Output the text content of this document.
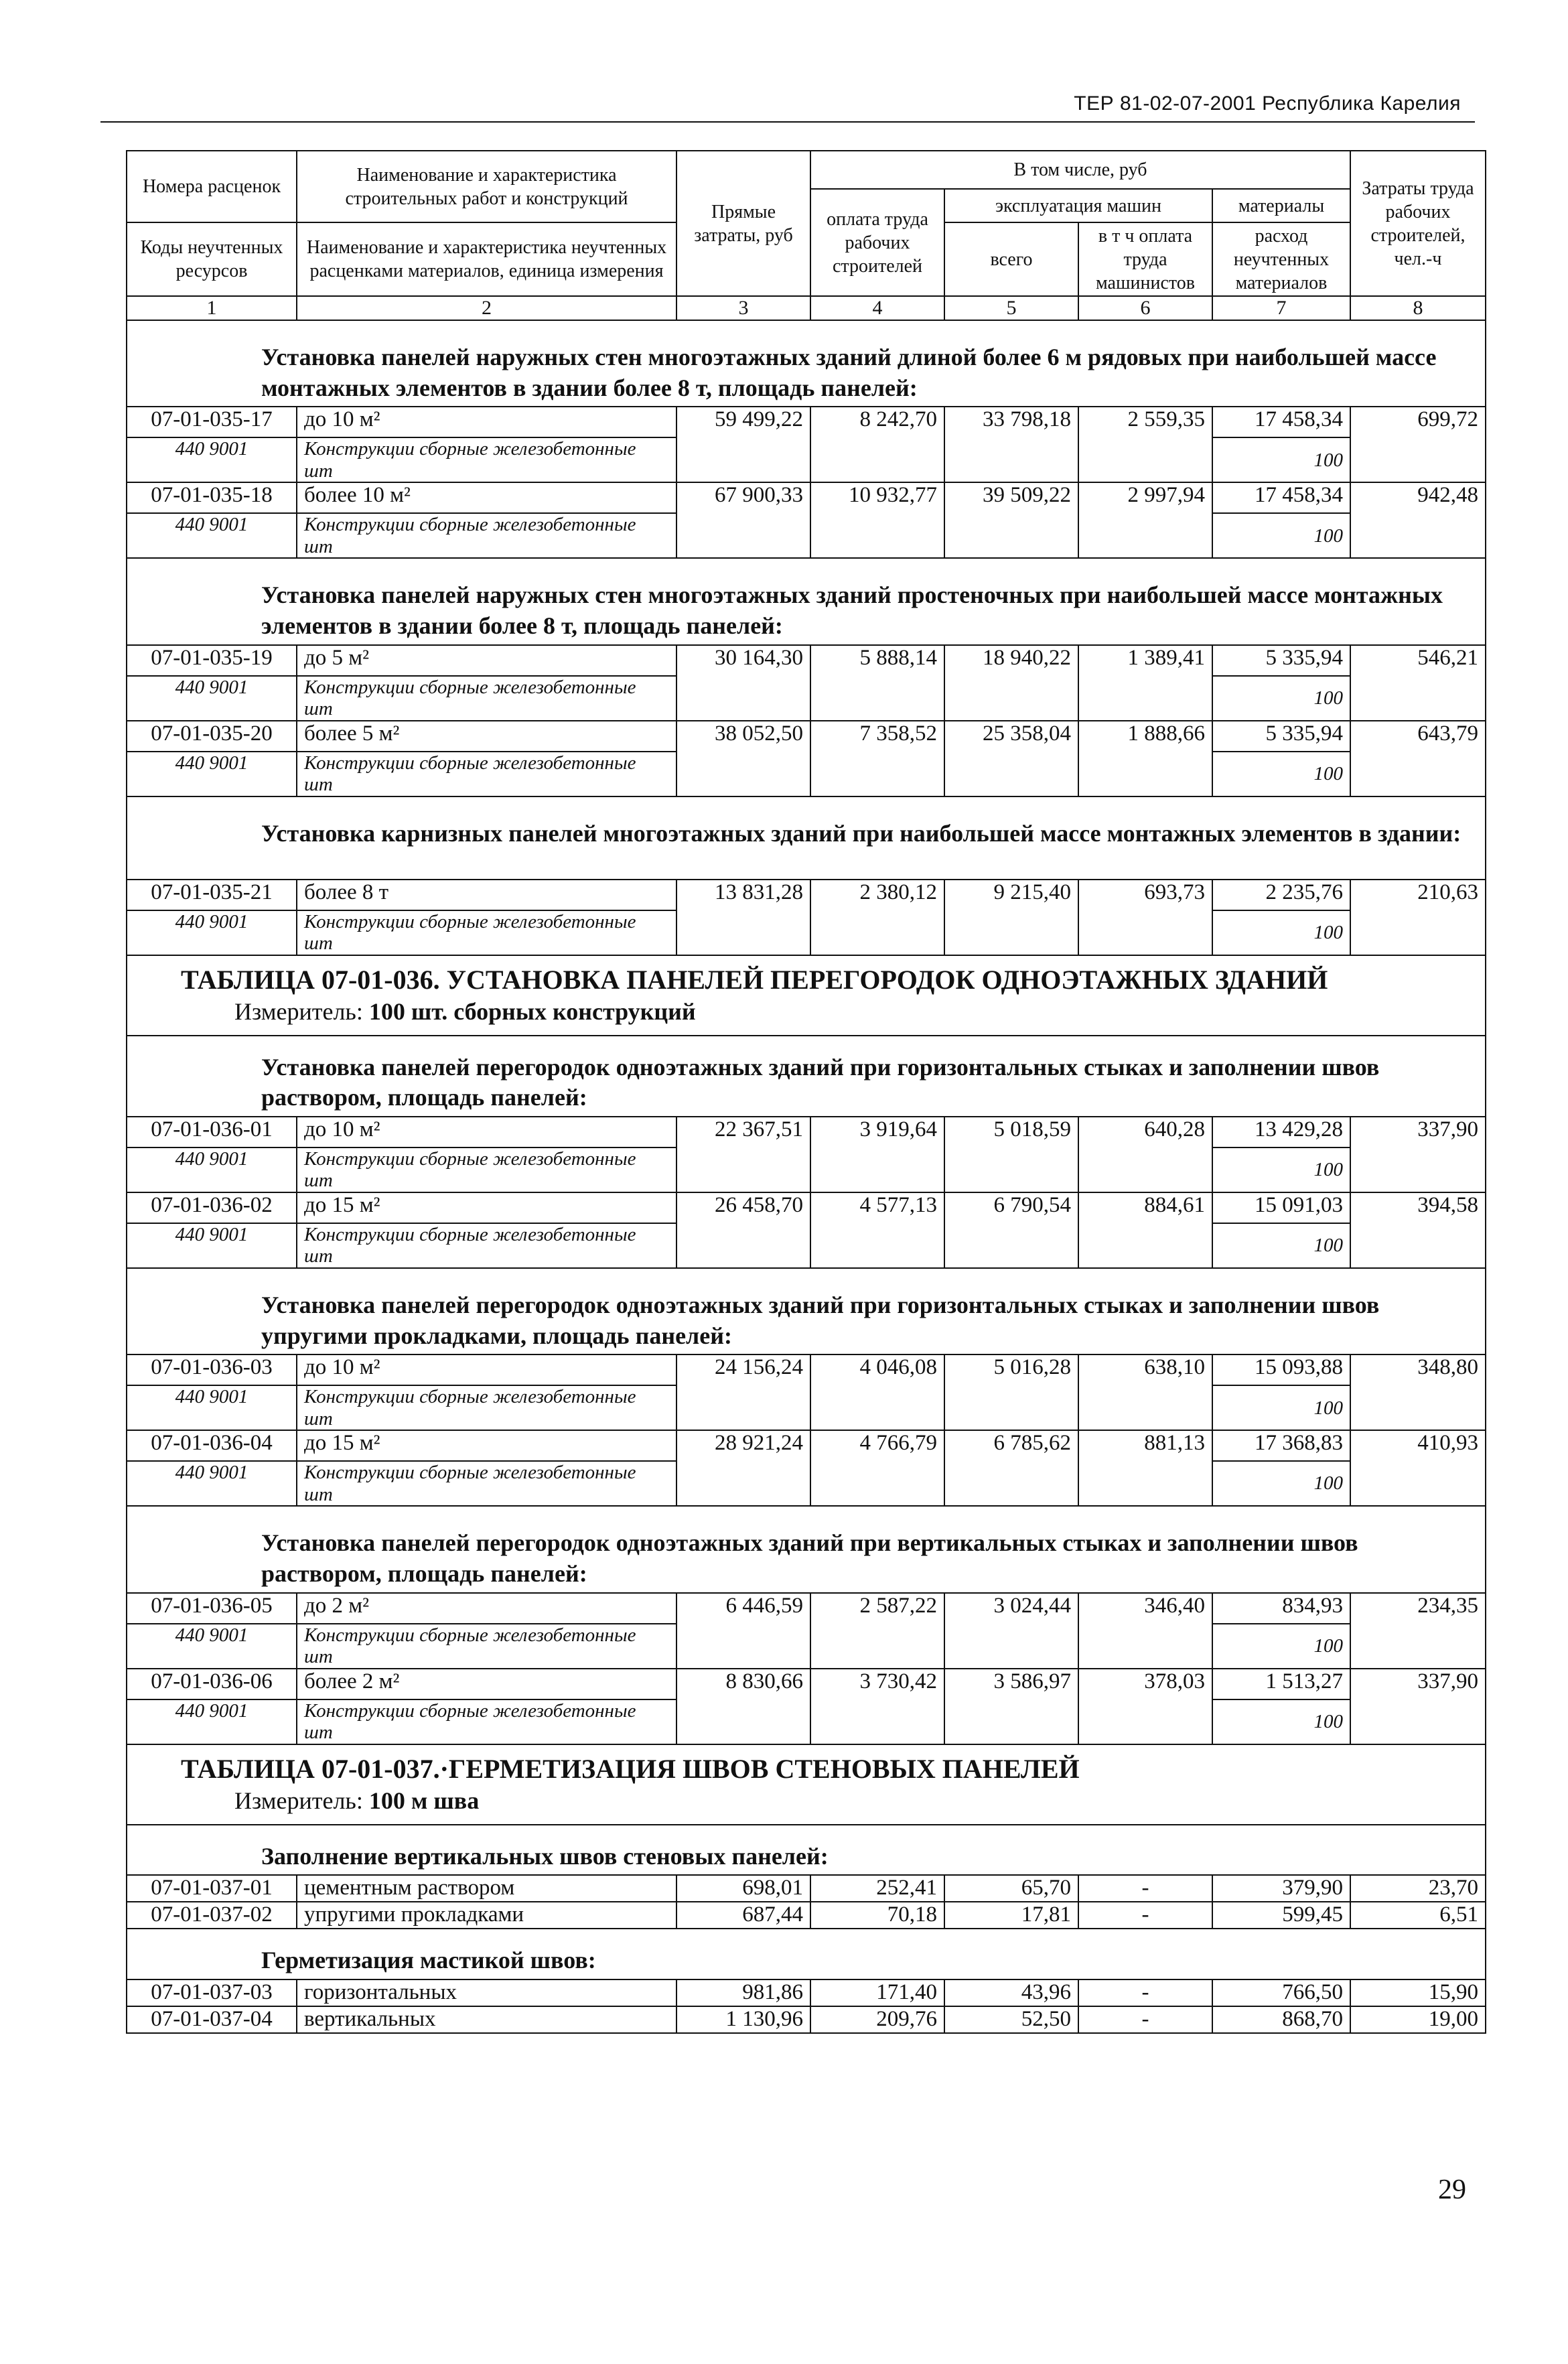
ТЕР 81-02-07-2001 Республика Карелия
Номера расценок	Наименование и характеристика строительных работ и конструкций	Прямые затраты, руб	В том числе, руб				Затраты труда рабочих строителей, чел.-ч
			оплата труда рабочих строителей	эксплуатация машин		материалы	
Коды неучтенных ресурсов	Наименование и характеристика неучтенных расценками материалов, единица измерения			всего	в т ч оплата труда машинистов	расход неучтенных материалов	

1	2	3	4	5	6	7	8
Установка панелей наружных стен многоэтажных зданий длиной более 6 м рядовых при наибольшей массе монтажных элементов в здании более 8 т, площадь панелей:							
07-01-035-17	до 10 м²	59 499,22	8 242,70	33 798,18	2 559,35	17 458,34	699,72
440 9001	Конструкции сборные железобетонные шт					100	
07-01-035-18	более 10 м²	67 900,33	10 932,77	39 509,22	2 997,94	17 458,34	942,48
440 9001	Конструкции сборные железобетонные шт					100	
Установка панелей наружных стен многоэтажных зданий простеночных при наибольшей массе монтажных элементов в здании более 8 т, площадь панелей:							
07-01-035-19	до 5 м²	30 164,30	5 888,14	18 940,22	1 389,41	5 335,94	546,21
440 9001	Конструкции сборные железобетонные шт					100	
07-01-035-20	более 5 м²	38 052,50	7 358,52	25 358,04	1 888,66	5 335,94	643,79
440 9001	Конструкции сборные железобетонные шт					100	
Установка карнизных панелей многоэтажных зданий при наибольшей массе монтажных элементов в здании:							
07-01-035-21	более 8 т	13 831,28	2 380,12	9 215,40	693,73	2 235,76	210,63
440 9001	Конструкции сборные железобетонные шт					100	
ТАБЛИЦА 07-01-036. УСТАНОВКА ПАНЕЛЕЙ ПЕРЕГОРОДОК ОДНОЭТАЖНЫХ ЗДАНИЙ							
Измеритель: 100 шт. сборных конструкций							
Установка панелей перегородок одноэтажных зданий при горизонтальных стыках и заполнении швов раствором, площадь панелей:							
07-01-036-01	до 10 м²	22 367,51	3 919,64	5 018,59	640,28	13 429,28	337,90
440 9001	Конструкции сборные железобетонные шт					100	
07-01-036-02	до 15 м²	26 458,70	4 577,13	6 790,54	884,61	15 091,03	394,58
440 9001	Конструкции сборные железобетонные шт					100	
Установка панелей перегородок одноэтажных зданий при горизонтальных стыках и заполнении швов упругими прокладками, площадь панелей:							
07-01-036-03	до 10 м²	24 156,24	4 046,08	5 016,28	638,10	15 093,88	348,80
440 9001	Конструкции сборные железобетонные шт					100	
07-01-036-04	до 15 м²	28 921,24	4 766,79	6 785,62	881,13	17 368,83	410,93
440 9001	Конструкции сборные железобетонные шт					100	
Установка панелей перегородок одноэтажных зданий при вертикальных стыках и заполнении швов раствором, площадь панелей:							
07-01-036-05	до 2 м²	6 446,59	2 587,22	3 024,44	346,40	834,93	234,35
440 9001	Конструкции сборные железобетонные шт					100	
07-01-036-06	более 2 м²	8 830,66	3 730,42	3 586,97	378,03	1 513,27	337,90
440 9001	Конструкции сборные железобетонные шт					100	
ТАБЛИЦА 07-01-037.·ГЕРМЕТИЗАЦИЯ ШВОВ СТЕНОВЫХ ПАНЕЛЕЙ							
Измеритель: 100 м шва							
Заполнение вертикальных швов стеновых панелей:							
07-01-037-01	цементным раствором	698,01	252,41	65,70	-	379,90	23,70
07-01-037-02	упругими прокладками	687,44	70,18	17,81	-	599,45	6,51
Герметизация мастикой швов:							
07-01-037-03	горизонтальных	981,86	171,40	43,96	-	766,50	15,90
07-01-037-04	вертикальных	1 130,96	209,76	52,50	-	868,70	19,00
29
